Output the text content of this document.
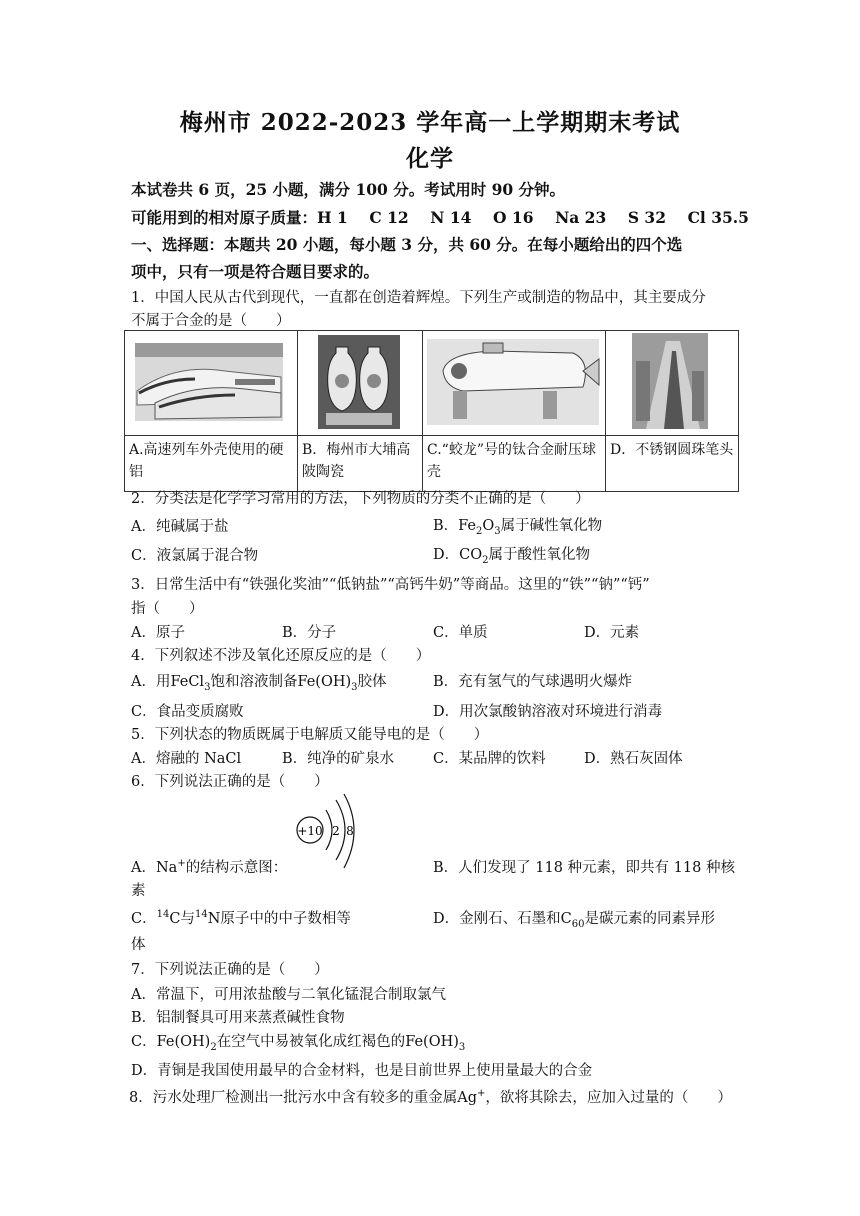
梅州市 2022-2023 学年高一上学期期末考试
化学
本试卷共 6 页，25 小题，满分 100 分。考试用时 90 分钟。
可能用到的相对原子质量：H 1    C 12    N 14    O 16    Na 23    S 32    Cl 35.5
一、选择题：本题共 20 小题，每小题 3 分，共 60 分。在每小题给出的四个选
项中，只有一项是符合题目要求的。
1．中国人民从古代到现代，一直都在创造着辉煌。下列生产或制造的物品中，其主要成分
不属于合金的是（　　）

A.高速列车外壳使用的硬铝	B．梅州市大埔高陂陶瓷	C.“蛟龙”号的钛合金耐压球壳	D．不锈钢圆珠笔头
2．分类法是化学学习常用的方法，下列物质的分类不正确的是（　　）
A．纯碱属于盐	B．$Fe_2O_3$属于碱性氧化物
C．液氯属于混合物	D．$CO_2$属于酸性氧化物
3．日常生活中有“铁强化奖油”“低钠盐”“高钙牛奶”等商品。这里的“铁”“钠”“钙”
指（　　）
A．原子	B．分子	C．单质	D．元素
4．下列叙述不涉及氧化还原反应的是（　　）
A．用FeCl$_3$饱和溶液制备$Fe(OH)_3$胶体	B．充有氢气的气球遇明火爆炸
C．食品变质腐败	D．用次氯酸钠溶液对环境进行消毒
5．下列状态的物质既属于电解质又能导电的是（　　）
A．熔融的 NaCl	B．纯净的矿泉水	C．某品牌的饮料	D．熟石灰固体
6．下列说法正确的是（　　）
+10 2 8
A．Na+的结构示意图：	B．人们发现了 118 种元素，即共有 118 种核
素
C．$^{14}$C与$^{14}$N原子中的中子数相等	D．金刚石、石墨和$C_{60}$是碳元素的同素异形
体
7．下列说法正确的是（　　）
A．常温下，可用浓盐酸与二氧化锰混合制取氯气
B．铝制餐具可用来蒸煮碱性食物
C．$Fe(OH)_2$在空气中易被氧化成红褐色的$Fe(OH)_3$
D．青铜是我国使用最早的合金材料，也是目前世界上使用量最大的合金
8．污水处理厂检测出一批污水中含有较多的重金属Ag+，欲将其除去，应加入过量的（　　）
